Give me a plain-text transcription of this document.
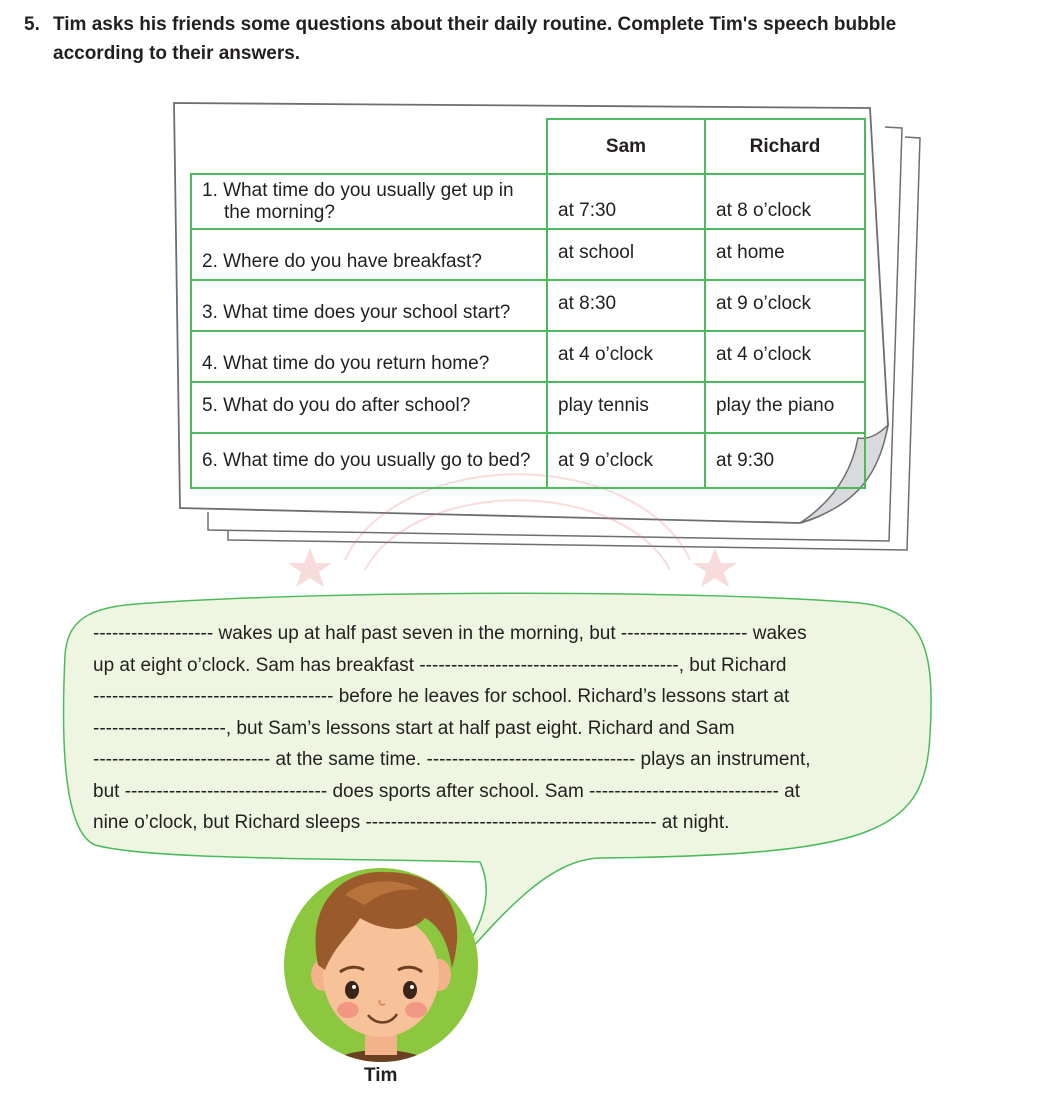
5. Tim asks his friends some questions about their daily routine. Complete Tim's speech bubble
according to their answers.
	Sam	Richard

1. What time do you usually get up in the morning?	at 7:30	at 8 o’clock

2. Where do you have breakfast?	at school	at home

3. What time does your school start?	at 8:30	at 9 o’clock

4. What time do you return home?	at 4 o’clock	at 4 o’clock

5. What do you do after school?	play tennis	play the piano

6. What time do you usually go to bed?	at 9 o’clock	at 9:30
------------------- wakes up at half past seven in the morning, but -------------------- wakes
up at eight o’clock. Sam has breakfast -----------------------------------------, but Richard
-------------------------------------- before he leaves for school. Richard’s lessons start at
---------------------, but Sam’s lessons start at half past eight. Richard and Sam
---------------------------- at the same time. --------------------------------- plays an instrument,
but -------------------------------- does sports after school. Sam ------------------------------ at
nine o’clock, but Richard sleeps ---------------------------------------------- at night.
Tim
